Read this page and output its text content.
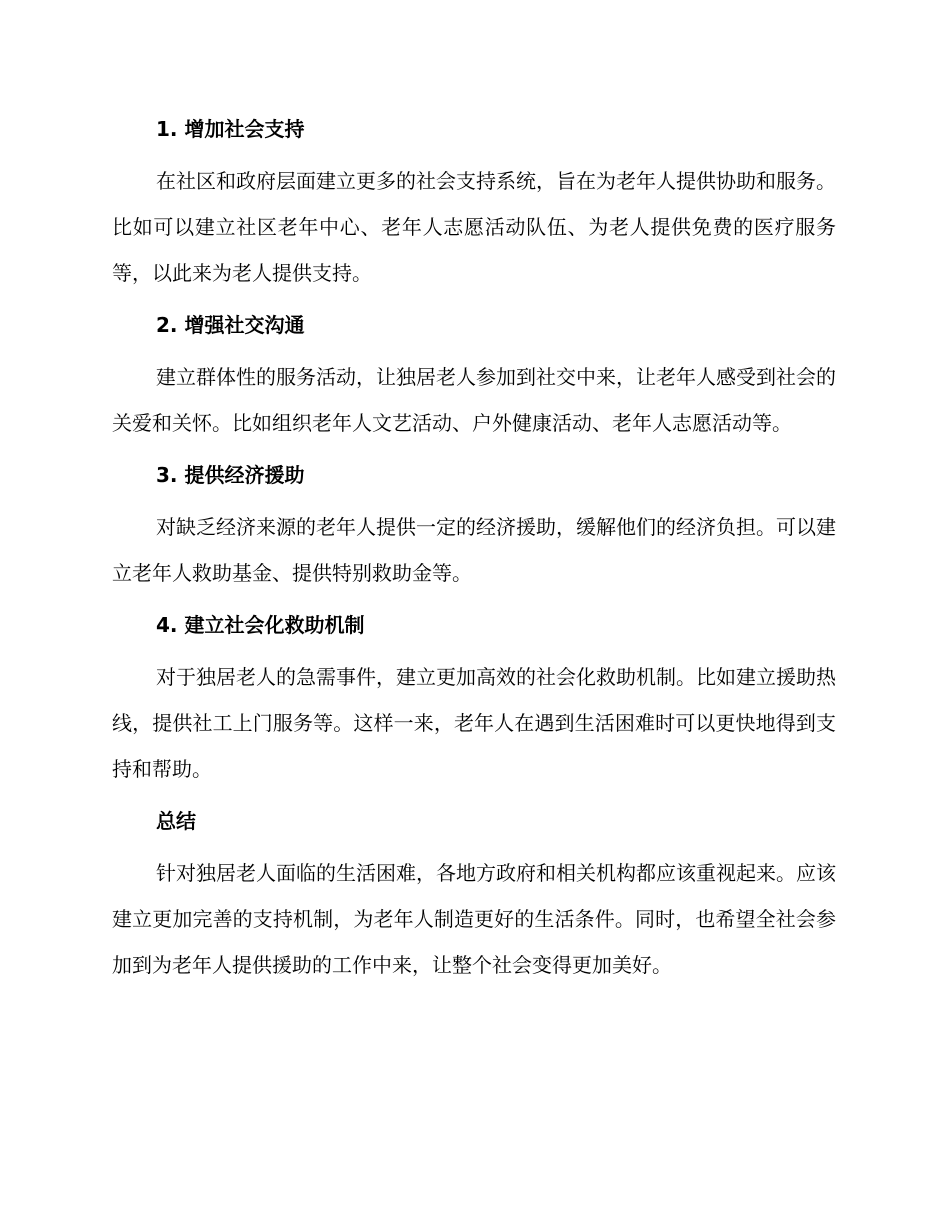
1. 增加社会支持

在社区和政府层面建立更多的社会支持系统，旨在为老年人提供协助和服务。比如可以建立社区老年中心、老年人志愿活动队伍、为老人提供免费的医疗服务等，以此来为老人提供支持。

2. 增强社交沟通

建立群体性的服务活动，让独居老人参加到社交中来，让老年人感受到社会的关爱和关怀。比如组织老年人文艺活动、户外健康活动、老年人志愿活动等。

3. 提供经济援助

对缺乏经济来源的老年人提供一定的经济援助，缓解他们的经济负担。可以建立老年人救助基金、提供特别救助金等。

4. 建立社会化救助机制

对于独居老人的急需事件，建立更加高效的社会化救助机制。比如建立援助热线，提供社工上门服务等。这样一来，老年人在遇到生活困难时可以更快地得到支持和帮助。

总结

针对独居老人面临的生活困难，各地方政府和相关机构都应该重视起来。应该建立更加完善的支持机制，为老年人制造更好的生活条件。同时，也希望全社会参加到为老年人提供援助的工作中来，让整个社会变得更加美好。
